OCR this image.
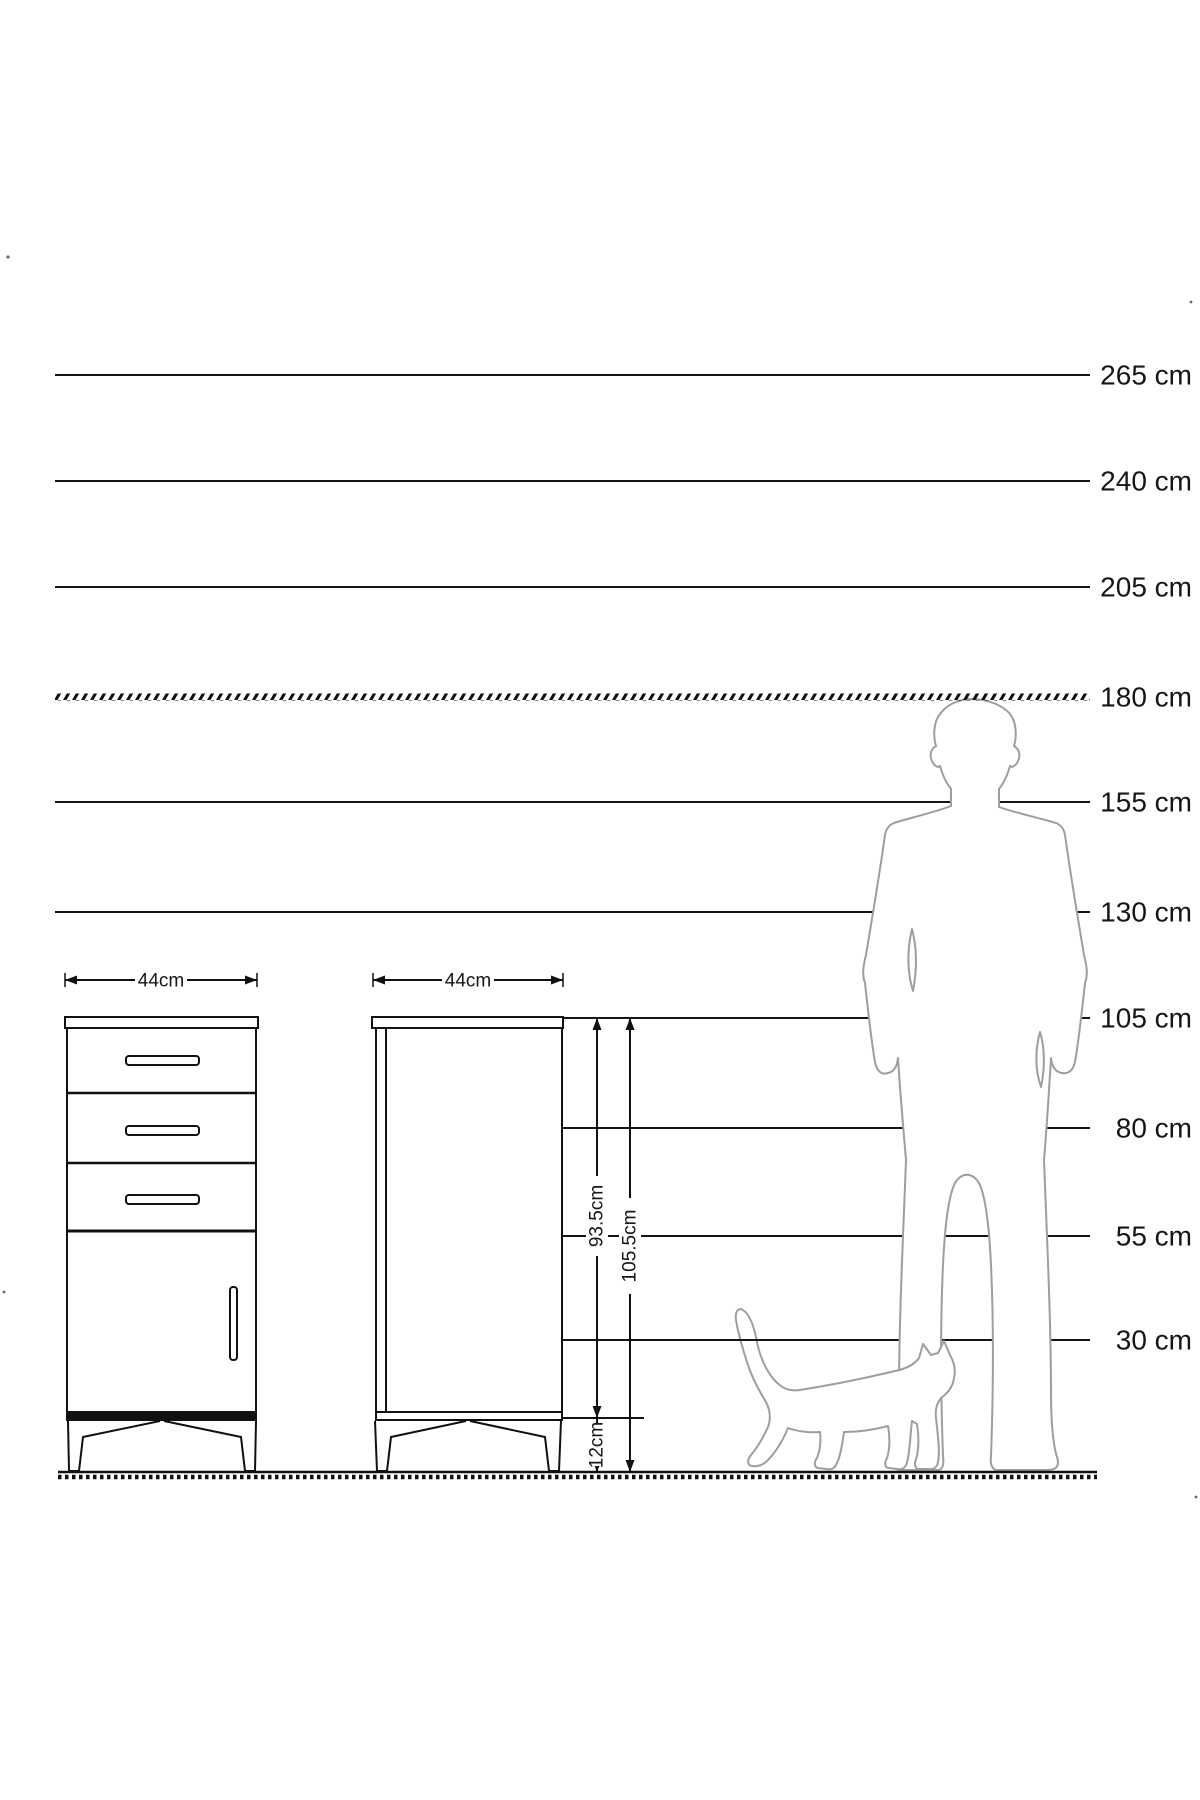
44cm	44cm
93.5cm 105.5cm
12cm
265 cm
240 cm
205 cm
180 cm
155 cm
130 cm
105 cm
80 cm
55 cm
30 cm
